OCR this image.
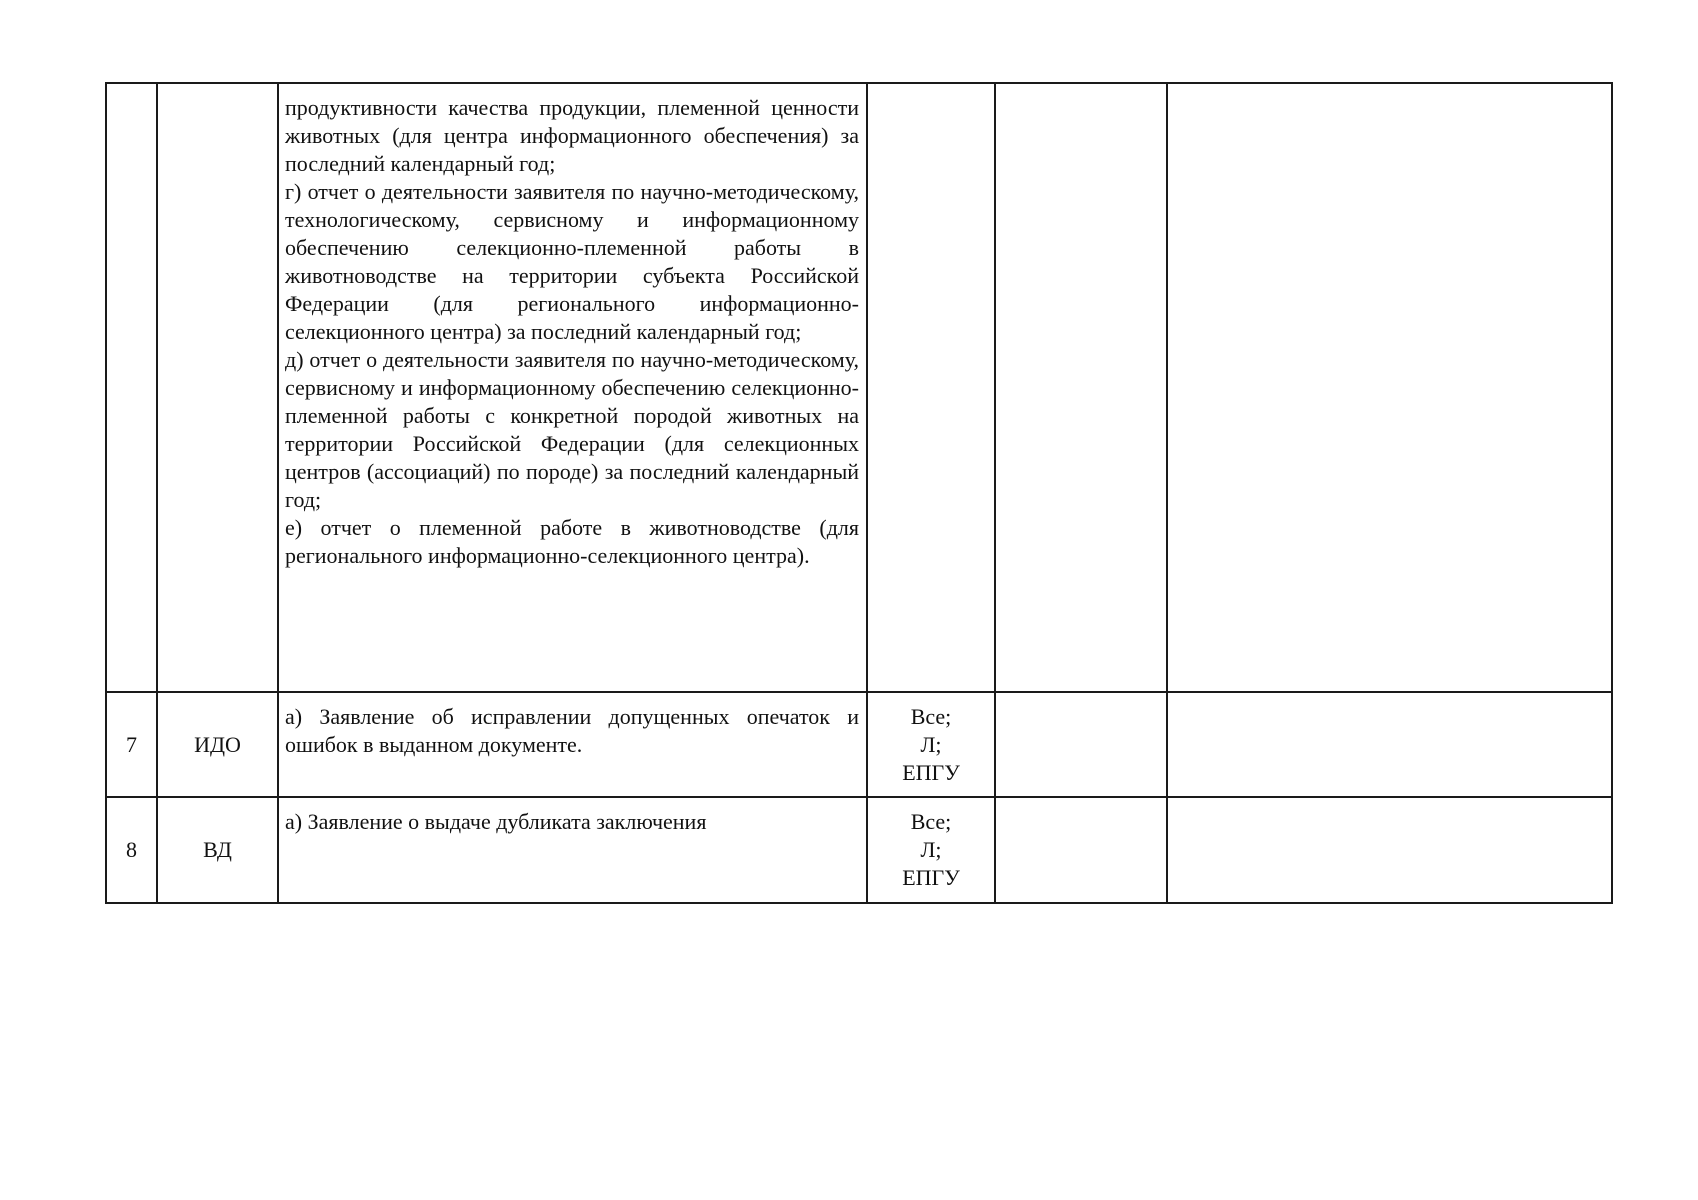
		продуктивности качества продукции, племенной ценности животных (для центра информационного обеспечения) за последний календарный год;

г) отчет о деятельности заявителя по научно-методическому, технологическому, сервисному и информационному обеспечению селекционно-племенной работы в животноводстве на территории субъекта Российской Федерации (для регионального информационно-селекционного центра) за последний календарный год;

д) отчет о деятельности заявителя по научно-методическому, сервисному и информационному обеспечению селекционно-племенной работы с конкретной породой животных на территории Российской Федерации (для селекционных центров (ассоциаций) по породе) за последний календарный год;

е) отчет о племенной работе в животноводстве (для регионального информационно-селекционного центра).			

7	ИДО	а) Заявление об исправлении допущенных опечаток и ошибок в выданном документе.	Все;
Л;
ЕПГУ		

8	ВД	а) Заявление о выдаче дубликата заключения	Все;
Л;
ЕПГУ		
